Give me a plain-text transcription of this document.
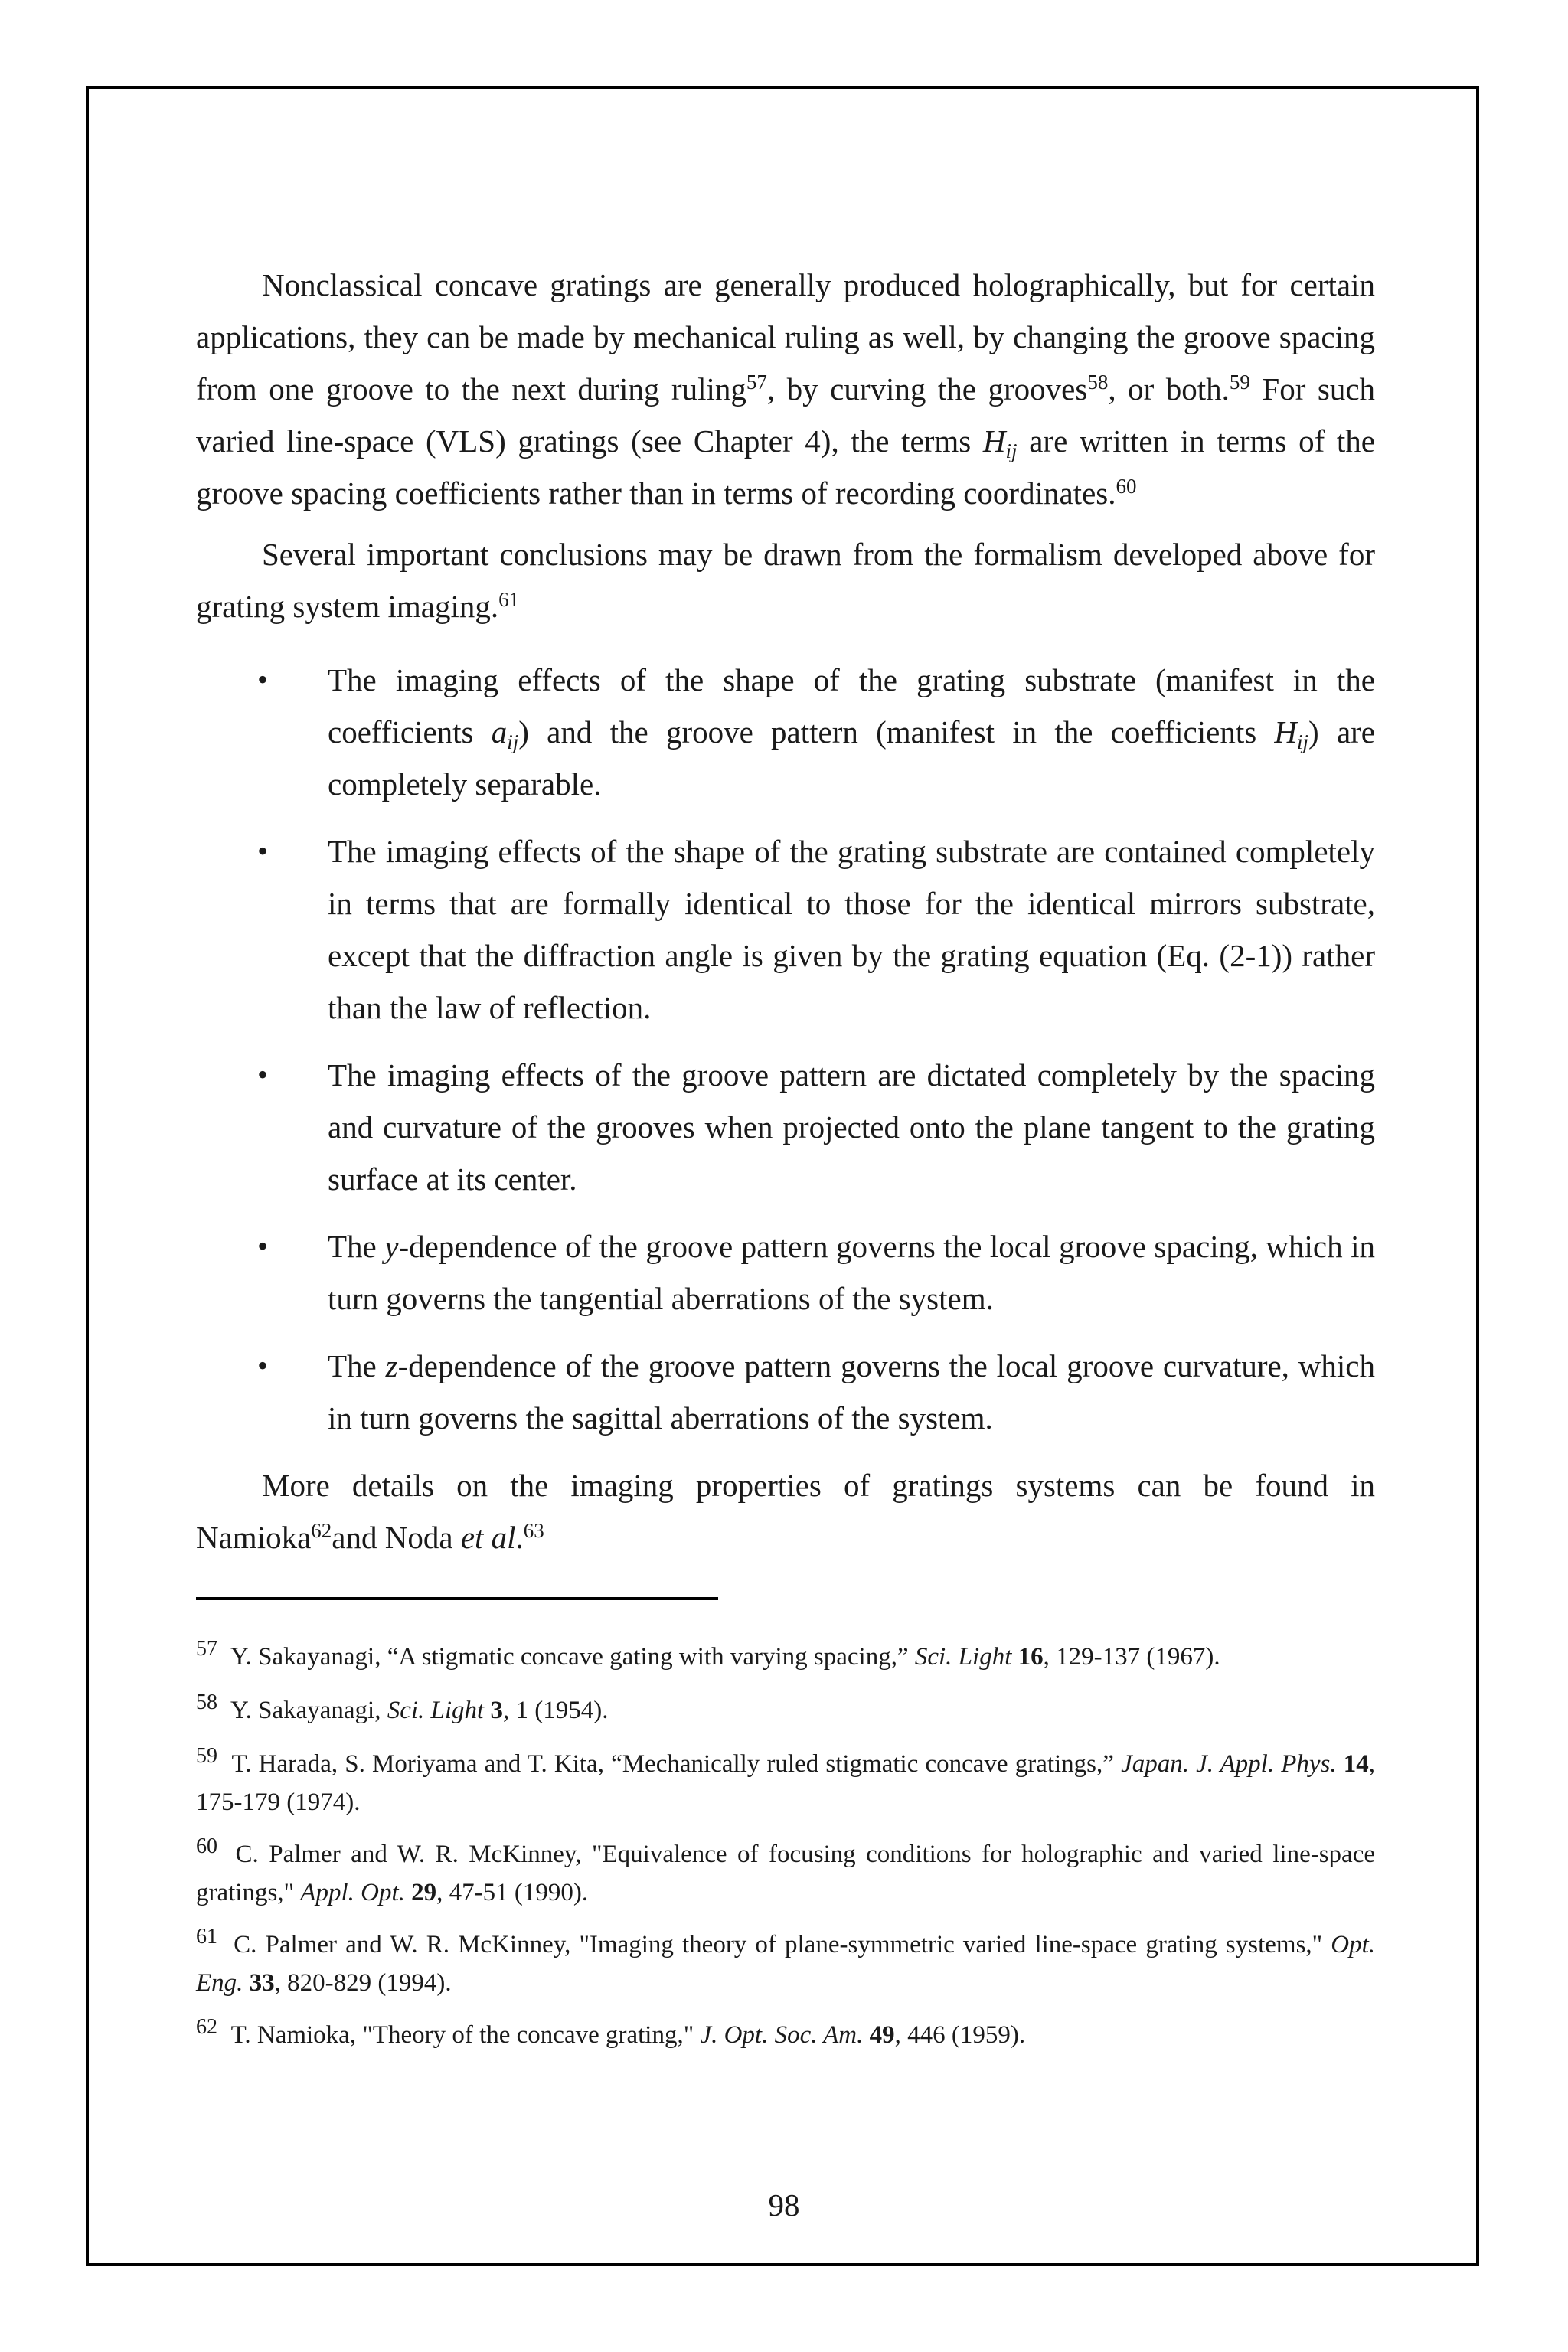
Nonclassical concave gratings are generally produced holographically, but for certain applications, they can be made by mechanical ruling as well, by changing the groove spacing from one groove to the next during ruling$^{57}$, by curving the grooves$^{58}$, or both.$^{59}$ For such varied line-space (VLS) gratings (see Chapter 4), the terms Hij are written in terms of the groove spacing coefficients rather than in terms of recording coordinates.$^{60}$

Several important conclusions may be drawn from the formalism developed above for grating system imaging.$^{61}$

• The imaging effects of the shape of the grating substrate (manifest in the coefficients aij) and the groove pattern (manifest in the coefficients Hij) are completely separable.
• The imaging effects of the shape of the grating substrate are contained completely in terms that are formally identical to those for the identical mirrors substrate, except that the diffraction angle is given by the grating equation (Eq. (2-1)) rather than the law of reflection.
• The imaging effects of the groove pattern are dictated completely by the spacing and curvature of the grooves when projected onto the plane tangent to the grating surface at its center.
• The y-dependence of the groove pattern governs the local groove spacing, which in turn governs the tangential aberrations of the system.
• The z-dependence of the groove pattern governs the local groove curvature, which in turn governs the sagittal aberrations of the system.

More details on the imaging properties of gratings systems can be found in Namioka$^{62}$and Noda et al.$^{63}$

$^{57}$ Y. Sakayanagi, “A stigmatic concave gating with varying spacing,” Sci. Light 16, 129-137 (1967).

$^{58}$ Y. Sakayanagi, Sci. Light 3, 1 (1954).

$^{59}$ T. Harada, S. Moriyama and T. Kita, “Mechanically ruled stigmatic concave gratings,” Japan. J. Appl. Phys. 14, 175-179 (1974).

$^{60}$ C. Palmer and W. R. McKinney, "Equivalence of focusing conditions for holographic and varied line-space gratings," Appl. Opt. 29, 47-51 (1990).

$^{61}$ C. Palmer and W. R. McKinney, "Imaging theory of plane-symmetric varied line-space grating systems," Opt. Eng. 33, 820-829 (1994).

$^{62}$ T. Namioka, "Theory of the concave grating," J. Opt. Soc. Am. 49, 446 (1959).

98
